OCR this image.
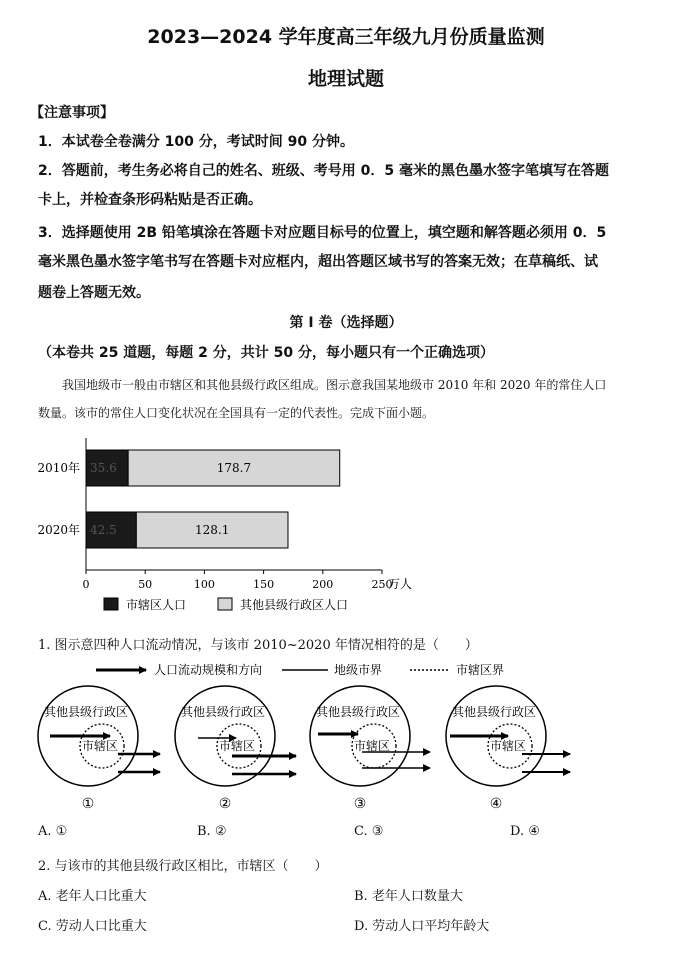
2023—2024 学年度高三年级九月份质量监测
地理试题
【注意事项】
1．本试卷全卷满分 100 分，考试时间 90 分钟。
2．答题前，考生务必将自己的姓名、班级、考号用 0．5 毫米的黑色墨水签字笔填写在答题
卡上，并检查条形码粘贴是否正确。
3．选择题使用 2B 铅笔填涂在答题卡对应题目标号的位置上，填空题和解答题必须用 0．5
毫米黑色墨水签字笔书写在答题卡对应框内，超出答题区域书写的答案无效；在草稿纸、试
题卷上答题无效。
第 I 卷（选择题）
（本卷共 25 道题，每题 2 分，共计 50 分，每小题只有一个正确选项）
我国地级市一般由市辖区和其他县级行政区组成。图示意我国某地级市 2010 年和 2020 年的常住人口
数量。该市的常住人口变化状况在全国具有一定的代表性。完成下面小题。
0	50	100	150	200	250
万人
2010年 35.6	178.7
2020年 42.5	128.1
市辖区人口	其他县级行政区人口
1. 图示意四种人口流动情况，与该市 2010~2020 年情况相符的是（　　）
人口流动规模和方向	地级市界	市辖区界
其他县级行政区
市辖区
①
其他县级行政区
市辖区
②
其他县级行政区
市辖区
③
其他县级行政区
市辖区
④
A. ①	B. ②	C. ③	D. ④
2. 与该市的其他县级行政区相比，市辖区（　　）
A. 老年人口比重大	B. 老年人口数量大
C. 劳动人口比重大	D. 劳动人口平均年龄大
